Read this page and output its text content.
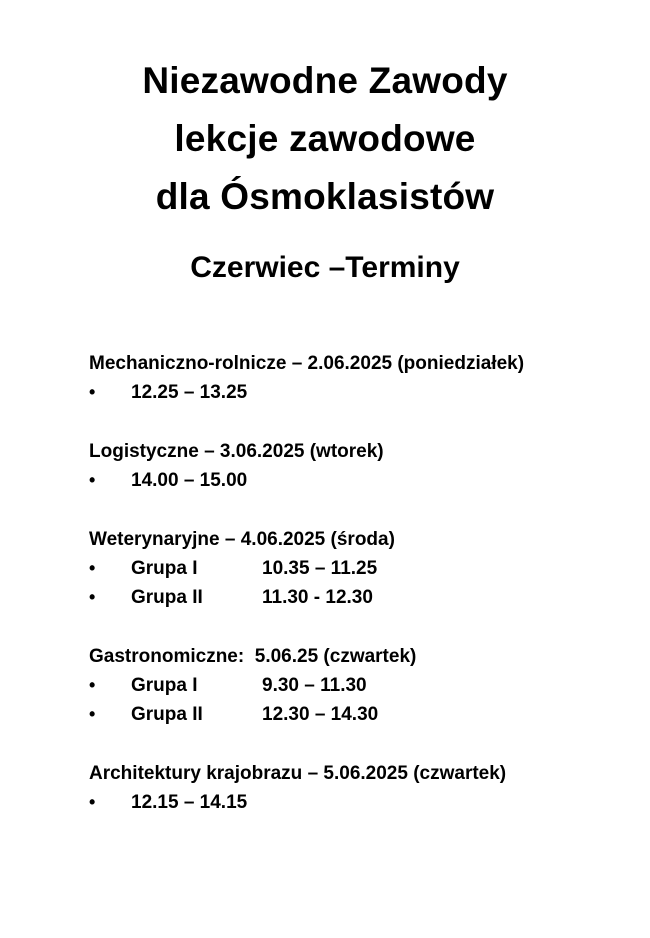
Niezawodne Zawody
lekcje zawodowe
dla Ósmoklasistów
Czerwiec –Terminy
Mechaniczno-rolnicze – 2.06.2025 (poniedziałek)
•	12.25 – 13.25
Logistyczne – 3.06.2025 (wtorek)
•	14.00 – 15.00
Weterynaryjne – 4.06.2025 (środa)
•	Grupa I	10.35 – 11.25
•	Grupa II	11.30 - 12.30
Gastronomiczne:  5.06.25 (czwartek)
•	Grupa I	9.30 – 11.30
•	Grupa II	12.30 – 14.30
Architektury krajobrazu – 5.06.2025 (czwartek)
•	12.15 – 14.15
